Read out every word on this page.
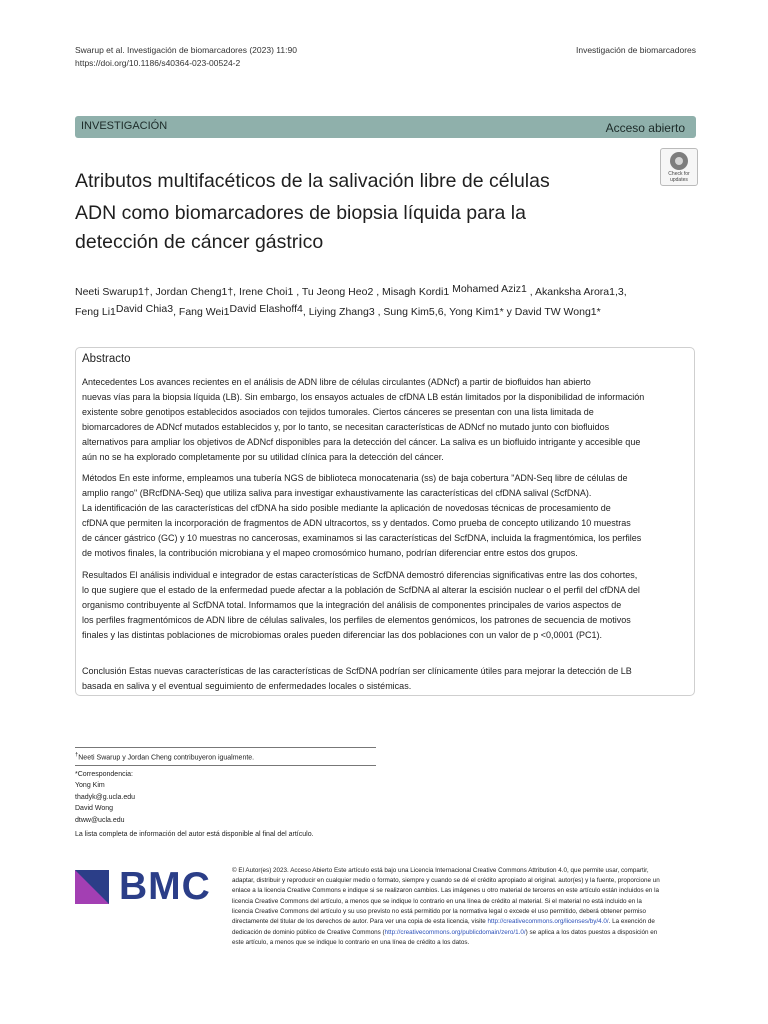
Swarup et al. Investigación de biomarcadores (2023) 11:90
https://doi.org/10.1186/s40364-023-00524-2
Investigación de biomarcadores
INVESTIGACIÓN	Acceso abierto
Check for
updates
Atributos multifacéticos de la salivación libre de células
ADN como biomarcadores de biopsia líquida para la
detección de cáncer gástrico
Neeti Swarup1†, Jordan Cheng1†, Irene Choi1 , Tu Jeong Heo2 , Misagh Kordi1 $^{Mohamed Aziz1}$ , Akanksha Arora1,3,
Feng $Li1^{David Chia3}$, Fang $Wei1^{David Elashoff4}$, Liying Zhang3 , Sung Kim5,6, Yong Kim1* y David TW Wong1*
Abstracto
Antecedentes Los avances recientes en el análisis de ADN libre de células circulantes (ADNcf) a partir de biofluidos han abierto
nuevas vías para la biopsia líquida (LB). Sin embargo, los ensayos actuales de cfDNA LB están limitados por la disponibilidad de información
existente sobre genotipos establecidos asociados con tejidos tumorales. Ciertos cánceres se presentan con una lista limitada de
biomarcadores de ADNcf mutados establecidos y, por lo tanto, se necesitan características de ADNcf no mutado junto con biofluidos
alternativos para ampliar los objetivos de ADNcf disponibles para la detección del cáncer. La saliva es un biofluido intrigante y accesible que
aún no se ha explorado completamente por su utilidad clínica para la detección del cáncer.
Métodos En este informe, empleamos una tubería NGS de biblioteca monocatenaria (ss) de baja cobertura "ADN-Seq libre de células de
amplio rango" (BRcfDNA-Seq) que utiliza saliva para investigar exhaustivamente las características del cfDNA salival (ScfDNA).
La identificación de las características del cfDNA ha sido posible mediante la aplicación de novedosas técnicas de procesamiento de
cfDNA que permiten la incorporación de fragmentos de ADN ultracortos, ss y dentados. Como prueba de concepto utilizando 10 muestras
de cáncer gástrico (GC) y 10 muestras no cancerosas, examinamos si las características del ScfDNA, incluida la fragmentómica, los perfiles
de motivos finales, la contribución microbiana y el mapeo cromosómico humano, podrían diferenciar entre estos dos grupos.
Resultados El análisis individual e integrador de estas características de ScfDNA demostró diferencias significativas entre las dos cohortes,
lo que sugiere que el estado de la enfermedad puede afectar a la población de ScfDNA al alterar la escisión nuclear o el perfil del cfDNA del
organismo contribuyente al ScfDNA total. Informamos que la integración del análisis de componentes principales de varios aspectos de
los perfiles fragmentómicos de ADN libre de células salivales, los perfiles de elementos genómicos, los patrones de secuencia de motivos
finales y las distintas poblaciones de microbiomas orales pueden diferenciar las dos poblaciones con un valor de p <0,0001 (PC1).
Conclusión Estas nuevas características de las características de ScfDNA podrían ser clínicamente útiles para mejorar la detección de LB
basada en saliva y el eventual seguimiento de enfermedades locales o sistémicas.
†Neeti Swarup y Jordan Cheng contribuyeron igualmente.
*Correspondencia:
Yong Kim
thadyk@g.ucla.edu
David Wong
dtww@ucla.edu
La lista completa de información del autor está disponible al final del artículo.
BMC	© El Autor(es) 2023. Acceso Abierto Este artículo está bajo una Licencia Internacional Creative Commons Attribution 4.0, que permite usar, compartir,
adaptar, distribuir y reproducir en cualquier medio o formato, siempre y cuando se dé el crédito apropiado al original. autor(es) y la fuente, proporcione un
enlace a la licencia Creative Commons e indique si se realizaron cambios. Las imágenes u otro material de terceros en este artículo están incluidos en la
licencia Creative Commons del artículo, a menos que se indique lo contrario en una línea de crédito al material. Si el material no está incluido en la
licencia Creative Commons del artículo y su uso previsto no está permitido por la normativa legal o excede el uso permitido, deberá obtener permiso
directamente del titular de los derechos de autor. Para ver una copia de esta licencia, visite http://creativecommons.org/licenses/by/4.0/. La exención de
dedicación de dominio público de Creative Commons (http://creativecommons.org/publicdomain/zero/1.0/) se aplica a los datos puestos a disposición en
este artículo, a menos que se indique lo contrario en una línea de crédito a los datos.
